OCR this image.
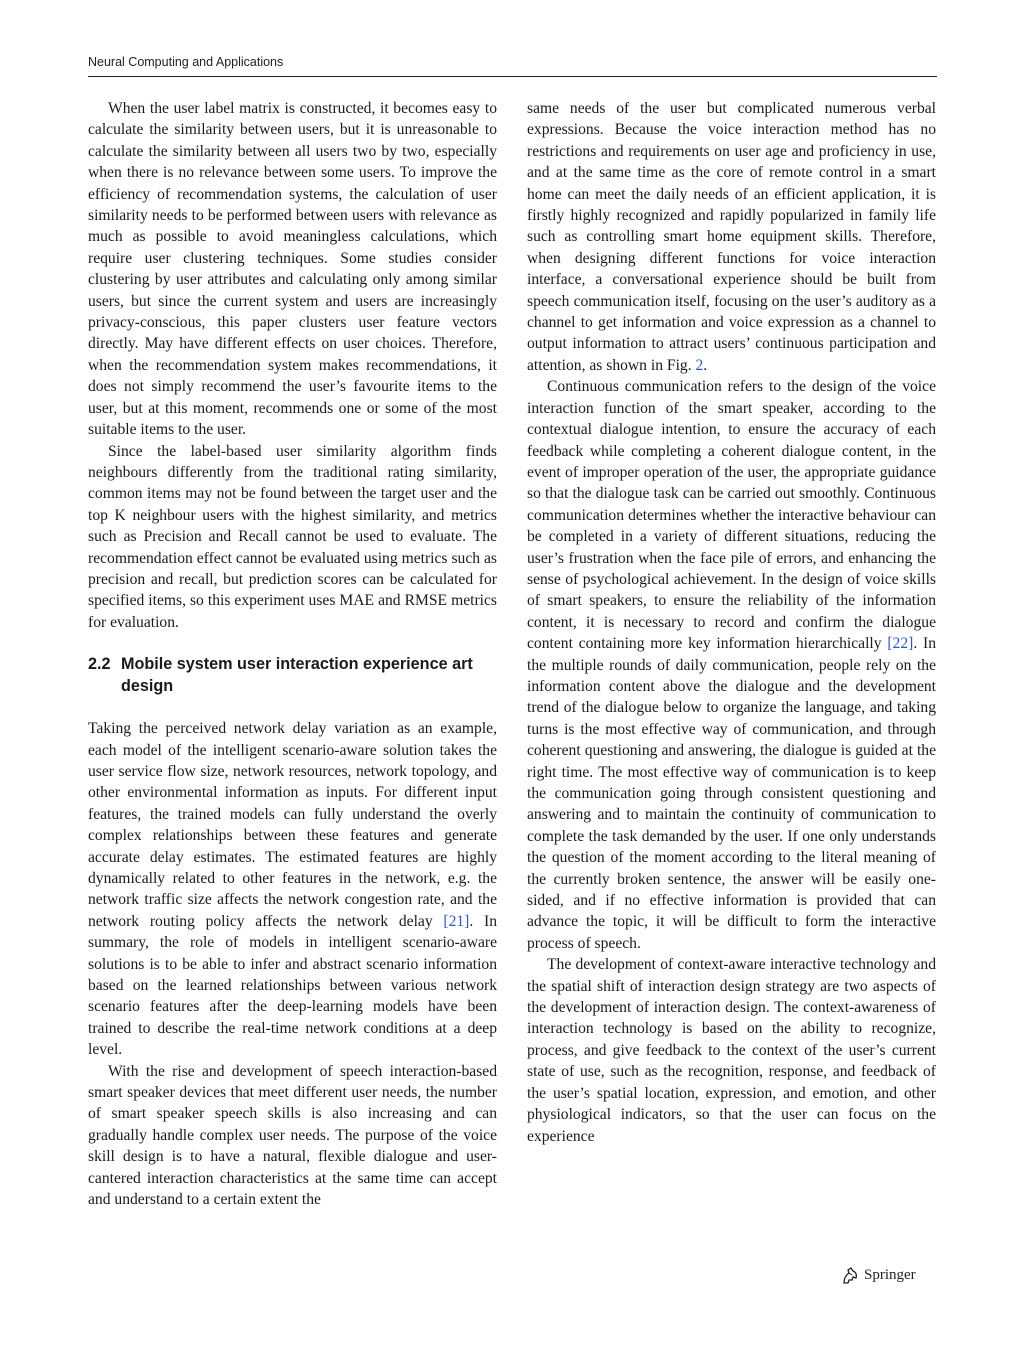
Neural Computing and Applications

When the user label matrix is constructed, it becomes easy to calculate the similarity between users, but it is unreasonable to calculate the similarity between all users two by two, especially when there is no relevance between some users. To improve the efficiency of recommendation systems, the calculation of user similarity needs to be performed between users with relevance as much as possible to avoid meaningless calculations, which require user clustering techniques. Some studies consider clustering by user attributes and calculating only among similar users, but since the current system and users are increasingly privacy-conscious, this paper clusters user feature vectors directly. May have different effects on user choices. Therefore, when the recommendation system makes recommendations, it does not simply recommend the user’s favourite items to the user, but at this moment, recommends one or some of the most suitable items to the user.

Since the label-based user similarity algorithm finds neighbours differently from the traditional rating similarity, common items may not be found between the target user and the top K neighbour users with the highest similarity, and metrics such as Precision and Recall cannot be used to evaluate. The recommendation effect cannot be evaluated using metrics such as precision and recall, but prediction scores can be calculated for specified items, so this experiment uses MAE and RMSE metrics for evaluation.

2.2 Mobile system user interaction experience art design

Taking the perceived network delay variation as an example, each model of the intelligent scenario-aware solution takes the user service flow size, network resources, network topology, and other environmental information as inputs. For different input features, the trained models can fully understand the overly complex relationships between these features and generate accurate delay estimates. The estimated features are highly dynamically related to other features in the network, e.g. the network traffic size affects the network congestion rate, and the network routing policy affects the network delay [21]. In summary, the role of models in intelligent scenario-aware solutions is to be able to infer and abstract scenario information based on the learned relationships between various network scenario features after the deep-learning models have been trained to describe the real-time network conditions at a deep level.

With the rise and development of speech interaction-based smart speaker devices that meet different user needs, the number of smart speaker speech skills is also increasing and can gradually handle complex user needs. The purpose of the voice skill design is to have a natural, flexible dialogue and user-cantered interaction characteristics at the same time can accept and understand to a certain extent the

same needs of the user but complicated numerous verbal expressions. Because the voice interaction method has no restrictions and requirements on user age and proficiency in use, and at the same time as the core of remote control in a smart home can meet the daily needs of an efficient application, it is firstly highly recognized and rapidly popularized in family life such as controlling smart home equipment skills. Therefore, when designing different functions for voice interaction interface, a conversational experience should be built from speech communication itself, focusing on the user’s auditory as a channel to get information and voice expression as a channel to output information to attract users’ continuous participation and attention, as shown in Fig. 2.

Continuous communication refers to the design of the voice interaction function of the smart speaker, according to the contextual dialogue intention, to ensure the accuracy of each feedback while completing a coherent dialogue content, in the event of improper operation of the user, the appropriate guidance so that the dialogue task can be carried out smoothly. Continuous communication determines whether the interactive behaviour can be completed in a variety of different situations, reducing the user’s frustration when the face pile of errors, and enhancing the sense of psychological achievement. In the design of voice skills of smart speakers, to ensure the reliability of the information content, it is necessary to record and confirm the dialogue content containing more key information hierarchically [22]. In the multiple rounds of daily communication, people rely on the information content above the dialogue and the development trend of the dialogue below to organize the language, and taking turns is the most effective way of communication, and through coherent questioning and answering, the dialogue is guided at the right time. The most effective way of communication is to keep the communication going through consistent questioning and answering and to maintain the continuity of communication to complete the task demanded by the user. If one only understands the question of the moment according to the literal meaning of the currently broken sentence, the answer will be easily one-sided, and if no effective information is provided that can advance the topic, it will be difficult to form the interactive process of speech.

The development of context-aware interactive technology and the spatial shift of interaction design strategy are two aspects of the development of interaction design. The context-awareness of interaction technology is based on the ability to recognize, process, and give feedback to the context of the user’s current state of use, such as the recognition, response, and feedback of the user’s spatial location, expression, and emotion, and other physiological indicators, so that the user can focus on the experience

Springer
